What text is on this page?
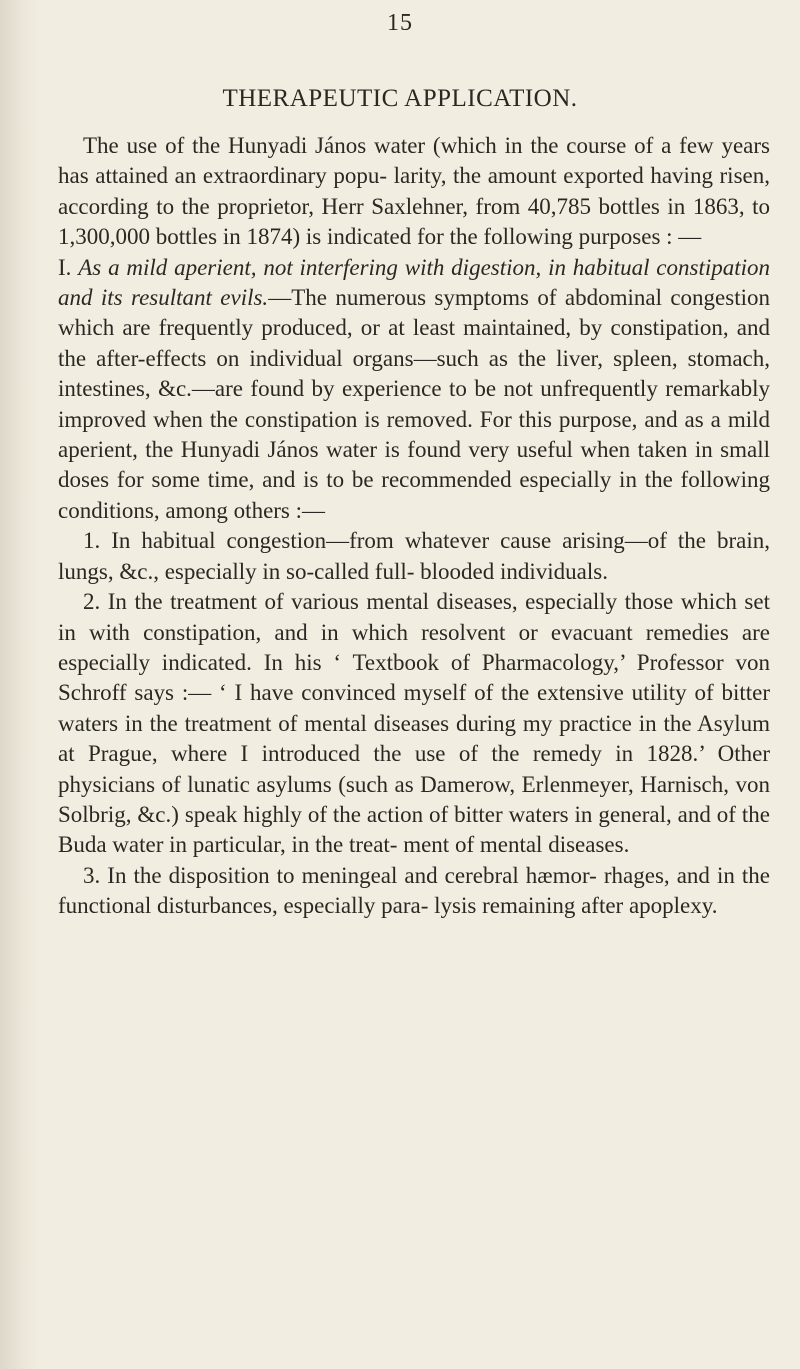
15
THERAPEUTIC APPLICATION.

The use of the Hunyadi János water (which in the course of a few years has attained an extraordinary popu- larity, the amount exported having risen, according to the proprietor, Herr Saxlehner, from 40,785 bottles in 1863, to 1,300,000 bottles in 1874) is indicated for the following purposes : —

I. As a mild aperient, not interfering with digestion, in habitual constipation and its resultant evils.—The numerous symptoms of abdominal congestion which are frequently produced, or at least maintained, by constipation, and the after-effects on individual organs—such as the liver, spleen, stomach, intestines, &c.—are found by experience to be not unfrequently remarkably improved when the constipation is removed. For this purpose, and as a mild aperient, the Hunyadi János water is found very useful when taken in small doses for some time, and is to be recommended especially in the following conditions, among others :—

1. In habitual congestion—from whatever cause arising—of the brain, lungs, &c., especially in so-called full- blooded individuals.

2. In the treatment of various mental diseases, especially those which set in with constipation, and in which resolvent or evacuant remedies are especially indicated. In his ‘ Textbook of Pharmacology,’ Professor von Schroff says :— ‘ I have convinced myself of the extensive utility of bitter waters in the treatment of mental diseases during my practice in the Asylum at Prague, where I introduced the use of the remedy in 1828.’ Other physicians of lunatic asylums (such as Damerow, Erlenmeyer, Harnisch, von Solbrig, &c.) speak highly of the action of bitter waters in general, and of the Buda water in particular, in the treat- ment of mental diseases.

3. In the disposition to meningeal and cerebral hæmor- rhages, and in the functional disturbances, especially para- lysis remaining after apoplexy.
